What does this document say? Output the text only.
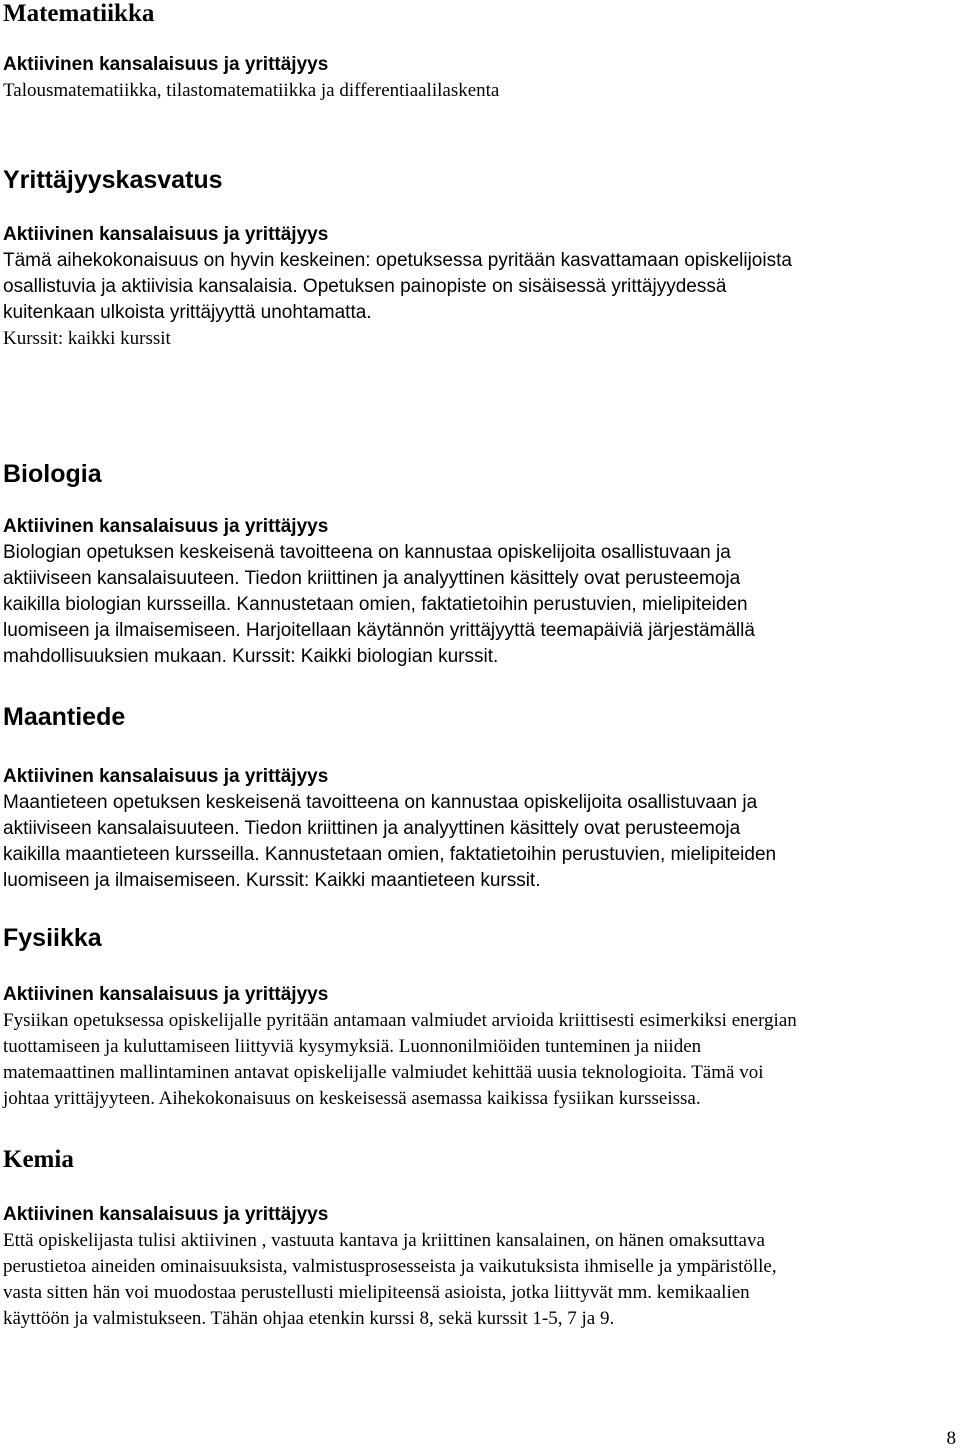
Matematiikka

Aktiivinen kansalaisuus ja yrittäjyys

Talousmatematiikka, tilastomatematiikka ja differentiaalilaskenta

Yrittäjyyskasvatus

Aktiivinen kansalaisuus ja yrittäjyys

Tämä aihekokonaisuus on hyvin keskeinen: opetuksessa pyritään kasvattamaan opiskelijoista

osallistuvia ja aktiivisia kansalaisia. Opetuksen painopiste on sisäisessä yrittäjyydessä

kuitenkaan ulkoista yrittäjyyttä unohtamatta.

Kurssit: kaikki kurssit

Biologia

Aktiivinen kansalaisuus ja yrittäjyys

Biologian opetuksen keskeisenä tavoitteena on kannustaa opiskelijoita osallistuvaan ja

aktiiviseen kansalaisuuteen. Tiedon kriittinen ja analyyttinen käsittely ovat perusteemoja

kaikilla biologian kursseilla. Kannustetaan omien, faktatietoihin perustuvien, mielipiteiden

luomiseen ja ilmaisemiseen. Harjoitellaan käytännön yrittäjyyttä teemapäiviä järjestämällä

mahdollisuuksien mukaan. Kurssit: Kaikki biologian kurssit.

Maantiede

Aktiivinen kansalaisuus ja yrittäjyys

Maantieteen opetuksen keskeisenä tavoitteena on kannustaa opiskelijoita osallistuvaan ja

aktiiviseen kansalaisuuteen. Tiedon kriittinen ja analyyttinen käsittely ovat perusteemoja

kaikilla maantieteen kursseilla. Kannustetaan omien, faktatietoihin perustuvien, mielipiteiden

luomiseen ja ilmaisemiseen. Kurssit: Kaikki maantieteen kurssit.

Fysiikka

Aktiivinen kansalaisuus ja yrittäjyys

Fysiikan opetuksessa opiskelijalle pyritään antamaan valmiudet arvioida kriittisesti esimerkiksi energian

tuottamiseen ja kuluttamiseen liittyviä kysymyksiä. Luonnonilmiöiden tunteminen ja niiden

matemaattinen mallintaminen antavat opiskelijalle valmiudet kehittää uusia teknologioita. Tämä voi

johtaa yrittäjyyteen. Aihekokonaisuus on keskeisessä asemassa kaikissa fysiikan kursseissa.

Kemia

Aktiivinen kansalaisuus ja yrittäjyys

Että opiskelijasta tulisi aktiivinen , vastuuta kantava ja kriittinen kansalainen, on hänen omaksuttava

perustietoa aineiden ominaisuuksista, valmistusprosesseista ja vaikutuksista ihmiselle ja ympäristölle,

vasta sitten hän voi muodostaa perustellusti mielipiteensä asioista, jotka liittyvät mm. kemikaalien

käyttöön ja valmistukseen. Tähän ohjaa etenkin kurssi 8, sekä kurssit 1-5, 7 ja 9.

8
